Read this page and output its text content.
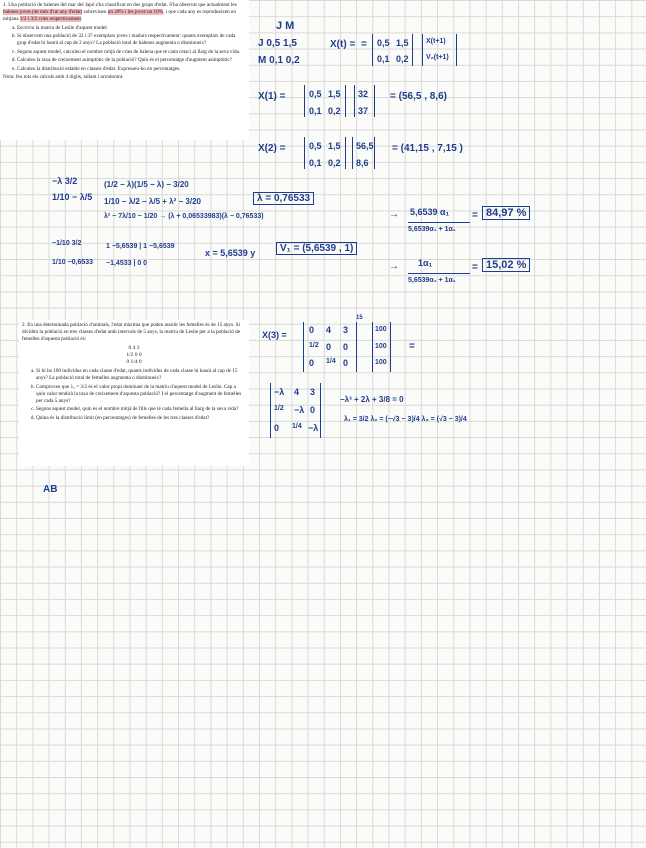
1. Una població de balenes del mar del Japó s'ha classificat en dos grups d'edat. S'ha observat que actualment les balenes joves (de més d'un any d'edat) sobreviuen un 20% i les joves un 10%, i que cada any es reprodueixen en mitjana 1/2 i 3/2 cries respectivament.

a. Escriviu la matriu de Leslie d'aquest model.
b. Si observem una població de 32 i 37 exemplars joves i madurs respectivament: quants exemplars de cada grup d'edat hi haurà al cap de 2 anys? La població total de balenes augmenta o disminueix?
c. Segons aquest model, calculeu el nombre mitjà de cries de balena que té cada cetaci al llarg de la seva vida.
d. Calculeu la taxa de creixement asimptòtic de la població? Quin és el percentatge d'augment asimptòtic?
e. Calculeu la distribució estable en classes d'edat. Expresseu-ho en percentatges.

Nota: feu tots els càlculs amb 4 dígits, tallant i arrodonint.

2. En una determinada població d'animals, l'edat màxima que poden assolir les femelles és de 15 anys. Si dividim la població en tres classes d'edat amb intervals de 5 anys, la matriu de Leslie per a la població de femelles d'aquesta població és:

0 4 3
1/2 0 0
0 1/4 0
a. Si hi ha 100 individus en cada classe d'edat, quants individus de cada classe hi haurà al cap de 15 anys? La població total de femelles augmenta o disminueix?
b. Comproveu que λ₁ = 3/2 és el valor propi dominant de la matriu d'aquest model de Leslie. Cap a quin valor tendirà la taxa de creixement d'aquesta població? I el percentatge d'augment de femelles per cada 5 anys?
c. Segons aquest model, quin és el nombre mitjà de fills que té cada femella al llarg de la seva vida?
d. Quina és la distribució límit (en percentatges) de femelles de les tres classes d'edat?
J M
J 0,5 1,5
M 0,1 0,2
X(t) = 0,5 1,5
0,1 0,2
X(t+1)
V₂(t+1)
=
X(1) =	0,5 1,5
0,1 0,2
32
37
= (56,5 , 8,6)
X(2) =	0,5 1,5
0,1 0,2
56,5
8,6
= (41,15 , 7,15 )
−λ 3/2
1/10 − λ/5
(1/2 − λ)(1/5 − λ) − 3/20
1/10 − λ/2 − λ/5 + λ² − 3/20
λ² − 7λ/10 − 1/20 → (λ + 0,06533983)(λ − 0,76533)
λ = 0,76533
−1/10 3/2
1/10 −0,6533
1 −5,6539 | 1 −5,6539
−1,4533 | 0 0
x = 5,6539 y	V₁ = (5,6539 , 1)
→ 5,6539 α₁
5,6539α₁ + 1α₁
= 84,97 %
→ 1α₁
5,6539α₁ + 1α₁
= 15,02 %
X(3) =
15
0 4 3
1/2 0 0
0 1/4 0
100
100
100
=
−λ 4 3
1/2 −λ 0
0 1/4 −λ
−λ³ + 2λ + 3/8 = 0
λ₁ = 3/2 λ₂ = (−√3 − 3)/4 λ₃ = (√3 − 3)/4
AB
